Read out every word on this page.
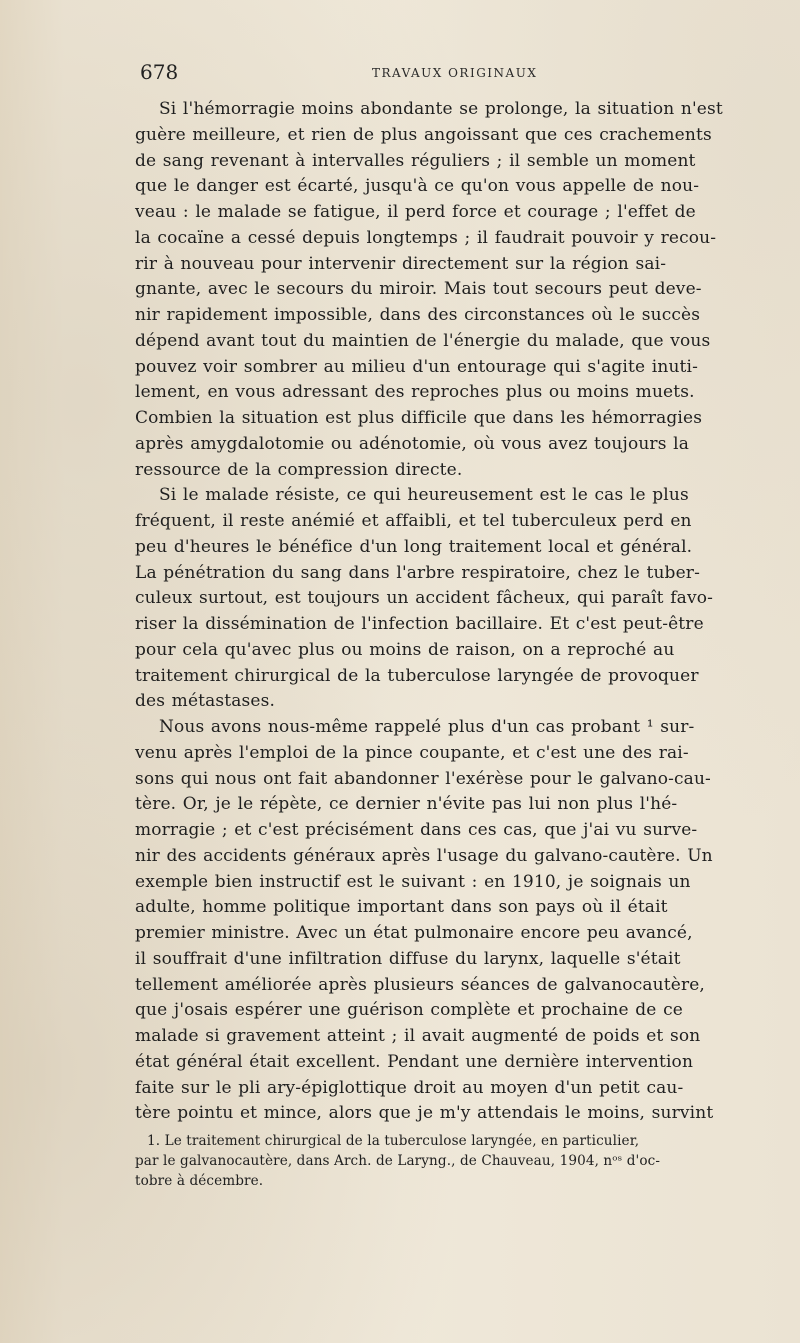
678	TRAVAUX ORIGINAUX
Si l'hémorragie moins abondante se prolonge, la situation n'est
guère meilleure, et rien de plus angoissant que ces crachements
de sang revenant à intervalles réguliers ; il semble un moment
que le danger est écarté, jusqu'à ce qu'on vous appelle de nou-
veau : le malade se fatigue, il perd force et courage ; l'effet de
la cocaïne a cessé depuis longtemps ; il faudrait pouvoir y recou-
rir à nouveau pour intervenir directement sur la région sai-
gnante, avec le secours du miroir. Mais tout secours peut deve-
nir rapidement impossible, dans des circonstances où le succès
dépend avant tout du maintien de l'énergie du malade, que vous
pouvez voir sombrer au milieu d'un entourage qui s'agite inuti-
lement, en vous adressant des reproches plus ou moins muets.
Combien la situation est plus difficile que dans les hémorragies
après amygdalotomie ou adénotomie, où vous avez toujours la
ressource de la compression directe.
Si le malade résiste, ce qui heureusement est le cas le plus
fréquent, il reste anémié et affaibli, et tel tuberculeux perd en
peu d'heures le bénéfice d'un long traitement local et général.
La pénétration du sang dans l'arbre respiratoire, chez le tuber-
culeux surtout, est toujours un accident fâcheux, qui paraît favo-
riser la dissémination de l'infection bacillaire. Et c'est peut-être
pour cela qu'avec plus ou moins de raison, on a reproché au
traitement chirurgical de la tuberculose laryngée de provoquer
des métastases.
Nous avons nous-même rappelé plus d'un cas probant ¹ sur-
venu après l'emploi de la pince coupante, et c'est une des rai-
sons qui nous ont fait abandonner l'exérèse pour le galvano-cau-
tère. Or, je le répète, ce dernier n'évite pas lui non plus l'hé-
morragie ; et c'est précisément dans ces cas, que j'ai vu surve-
nir des accidents généraux après l'usage du galvano-cautère. Un
exemple bien instructif est le suivant : en 1910, je soignais un
adulte, homme politique important dans son pays où il était
premier ministre. Avec un état pulmonaire encore peu avancé,
il souffrait d'une infiltration diffuse du larynx, laquelle s'était
tellement améliorée après plusieurs séances de galvanocautère,
que j'osais espérer une guérison complète et prochaine de ce
malade si gravement atteint ; il avait augmenté de poids et son
état général était excellent. Pendant une dernière intervention
faite sur le pli ary-épiglottique droit au moyen d'un petit cau-
tère pointu et mince, alors que je m'y attendais le moins, survint
1. Le traitement chirurgical de la tuberculose laryngée, en particulier,
par le galvanocautère, dans Arch. de Laryng., de Chauveau, 1904, nᵒˢ d'oc-
tobre à décembre.
